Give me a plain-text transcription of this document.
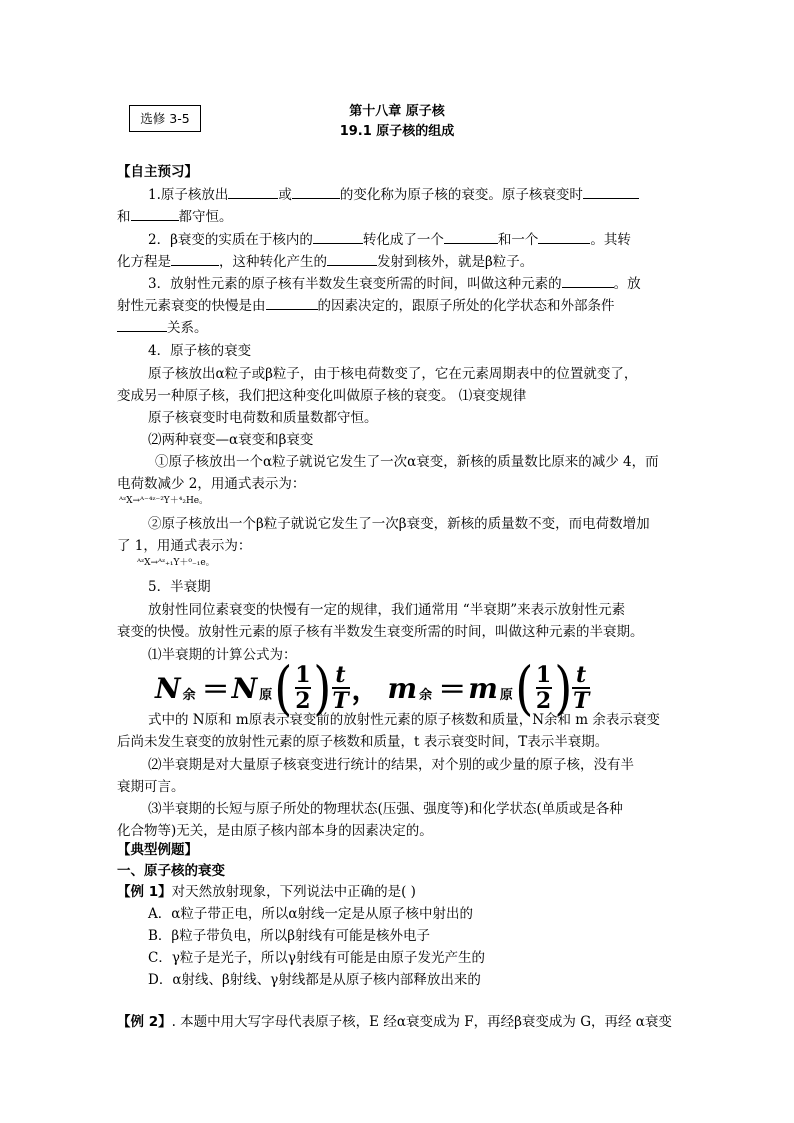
选修 3-5	第十八章 原子核
19.1 原子核的组成
【自主预习】
1.原子核放出	或	的变化称为原子核的衰变。原子核衰变时
和	都守恒。
2．β衰变的实质在于核内的	转化成了一个	和一个	。其转
化方程是	，这种转化产生的	发射到核外，就是β粒子。
3．放射性元素的原子核有半数发生衰变所需的时间，叫做这种元素的	。放
射性元素衰变的快慢是由	的因素决定的，跟原子所处的化学状态和外部条件
关系。
4．原子核的衰变
原子核放出α粒子或β粒子，由于核电荷数变了，它在元素周期表中的位置就变了，
变成另一种原子核，我们把这种变化叫做原子核的衰变。 ⑴衰变规律
原子核衰变时电荷数和质量数都守恒。
⑵两种衰变—α衰变和β衰变
①原子核放出一个α粒子就说它发生了一次α衰变，新核的质量数比原来的减少 4，而
电荷数减少 2，用通式表示为：
ᴬᶻX→ᴬ⁻⁴ᶻ⁻²Y＋⁴₂He。
②原子核放出一个β粒子就说它发生了一次β衰变，新核的质量数不变，而电荷数增加
了 1，用通式表示为：
ᴬᶻX→ᴬᶻ₊₁Y＋⁰₋₁e。
5．半衰期
放射性同位素衰变的快慢有一定的规律，我们通常用 “半衰期”来表示放射性元素
衰变的快慢。放射性元素的原子核有半数发生衰变所需的时间，叫做这种元素的半衰期。
⑴半衰期的计算公式为：
N 余 ＝ N 原 ( $\frac{1}{2}$ ) t
T ， m 余 ＝ m 原 ( $\frac{1}{2}$ ) t
T
式中的 N原和 m原表示衰变前的放射性元素的原子核数和质量，N余和 m 余表示衰变
后尚未发生衰变的放射性元素的原子核数和质量，t 表示衰变时间，T表示半衰期。
⑵半衰期是对大量原子核衰变进行统计的结果，对个别的或少量的原子核，没有半
衰期可言。
⑶半衰期的长短与原子所处的物理状态(压强、强度等)和化学状态(单质或是各种
化合物等)无关，是由原子核内部本身的因素决定的。
【典型例题】
一、原子核的衰变
【例 1】对天然放射现象，下列说法中正确的是( )
A．α粒子带正电，所以α射线一定是从原子核中射出的
B．β粒子带负电，所以β射线有可能是核外电子
C．γ粒子是光子，所以γ射线有可能是由原子发光产生的
D．α射线、β射线、γ射线都是从原子核内部释放出来的
【例 2】. 本题中用大写字母代表原子核，E 经α衰变成为 F，再经β衰变成为 G，再经 α衰变
